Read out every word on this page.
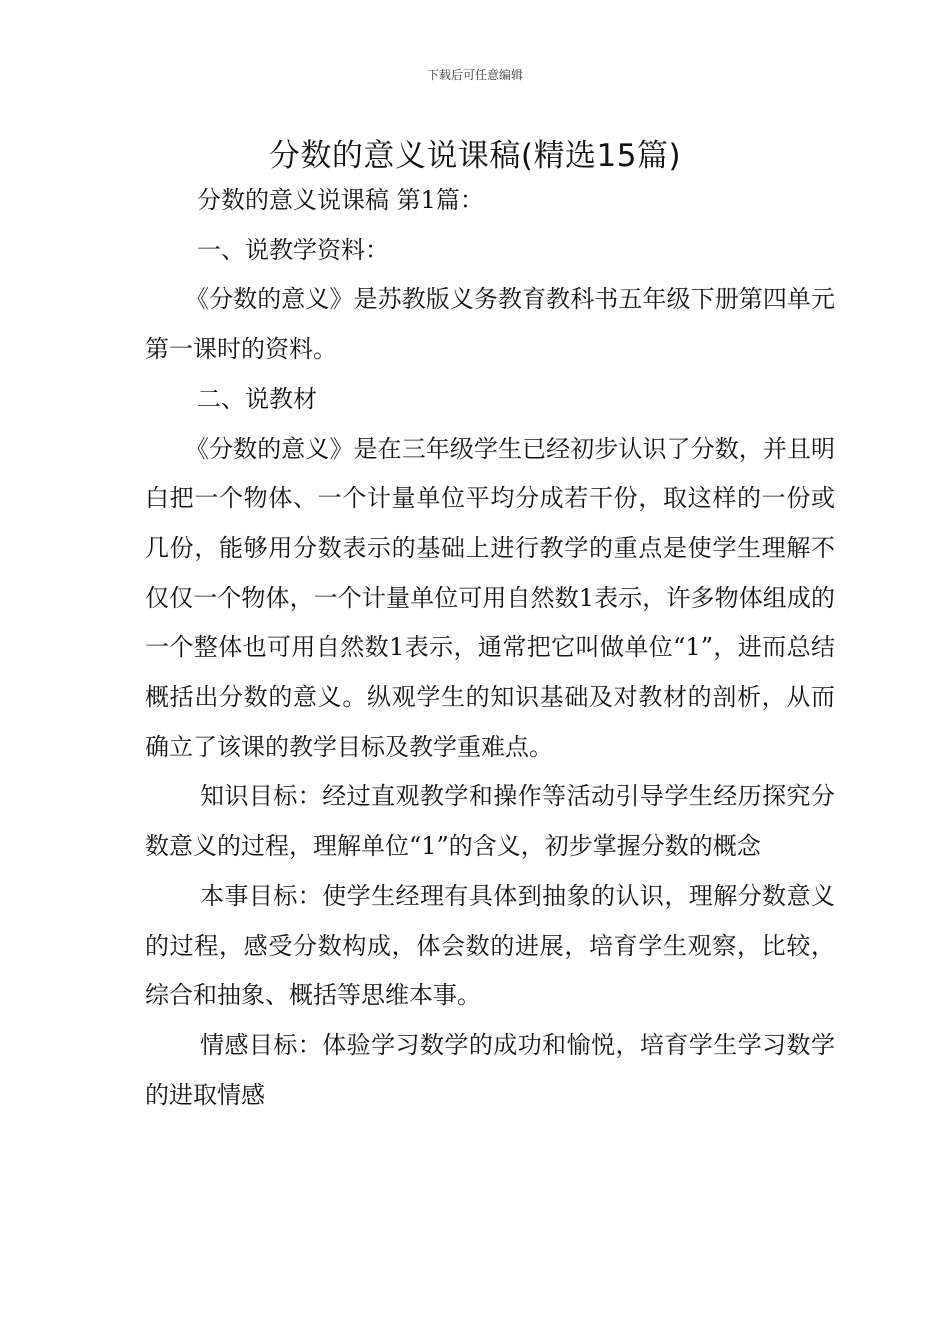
下载后可任意编辑
分数的意义说课稿(精选15篇)

分数的意义说课稿 第1篇：

一、说教学资料：

《分数的意义》是苏教版义务教育教科书五年级下册第四单元第一课时的资料。

二、说教材

《分数的意义》是在三年级学生已经初步认识了分数，并且明白把一个物体、一个计量单位平均分成若干份，取这样的一份或几份，能够用分数表示的基础上进行教学的重点是使学生理解不仅仅一个物体，一个计量单位可用自然数1表示，许多物体组成的一个整体也可用自然数1表示，通常把它叫做单位“1”，进而总结概括出分数的意义。纵观学生的知识基础及对教材的剖析，从而确立了该课的教学目标及教学重难点。

知识目标：经过直观教学和操作等活动引导学生经历探究分数意义的过程，理解单位“1”的含义，初步掌握分数的概念

本事目标：使学生经理有具体到抽象的认识，理解分数意义的过程，感受分数构成，体会数的进展，培育学生观察，比较，综合和抽象、概括等思维本事。

情感目标：体验学习数学的成功和愉悦，培育学生学习数学的进取情感
